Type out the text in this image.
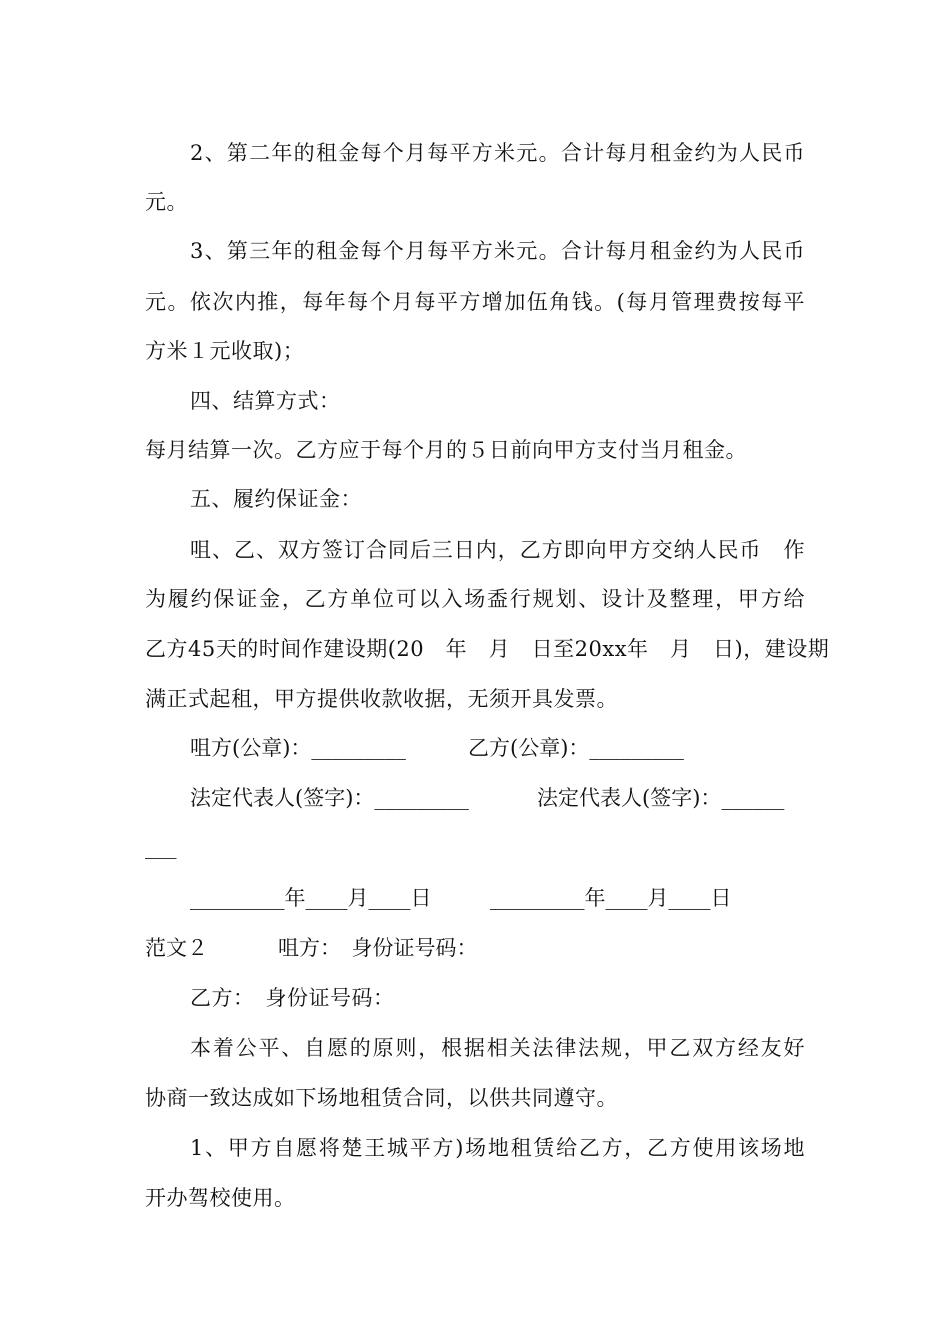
2、第二年的租金每个月每平方米元。合计每月租金约为人民币
元。
3、第三年的租金每个月每平方米元。合计每月租金约为人民币
元。依次内推，每年每个月每平方增加伍角钱。(每月管理费按每平
方米１元收取)；
四、结算方式：
每月结算一次。乙方应于每个月的５日前向甲方支付当月租金。
五、履约保证金：
咀、乙、双方签订合同后三日内，乙方即向甲方交纳人民币　作
为履约保证金，乙方单位可以入场盉行规划、设计及整理，甲方给
乙方45天的时间作建设期(20　年　月　日至20xx年　月　日)，建设期
满正式起租，甲方提供收款收据，无须开具发票。
咀方(公章)：_________	乙方(公章)：_________
法定代表人(签字)：_________	法定代表人(签字)：______
___
_________年____月____日	_________年____月____日
范文２	咀方：　身份证号码：
乙方：　身份证号码：
本着公平、自愿的原则，根据相关法律法规，甲乙双方经友好
协商一致达成如下场地租赁合同，以供共同遵守。
1、甲方自愿将楚王城平方)场地租赁给乙方，乙方使用该场地
开办驾校使用。
